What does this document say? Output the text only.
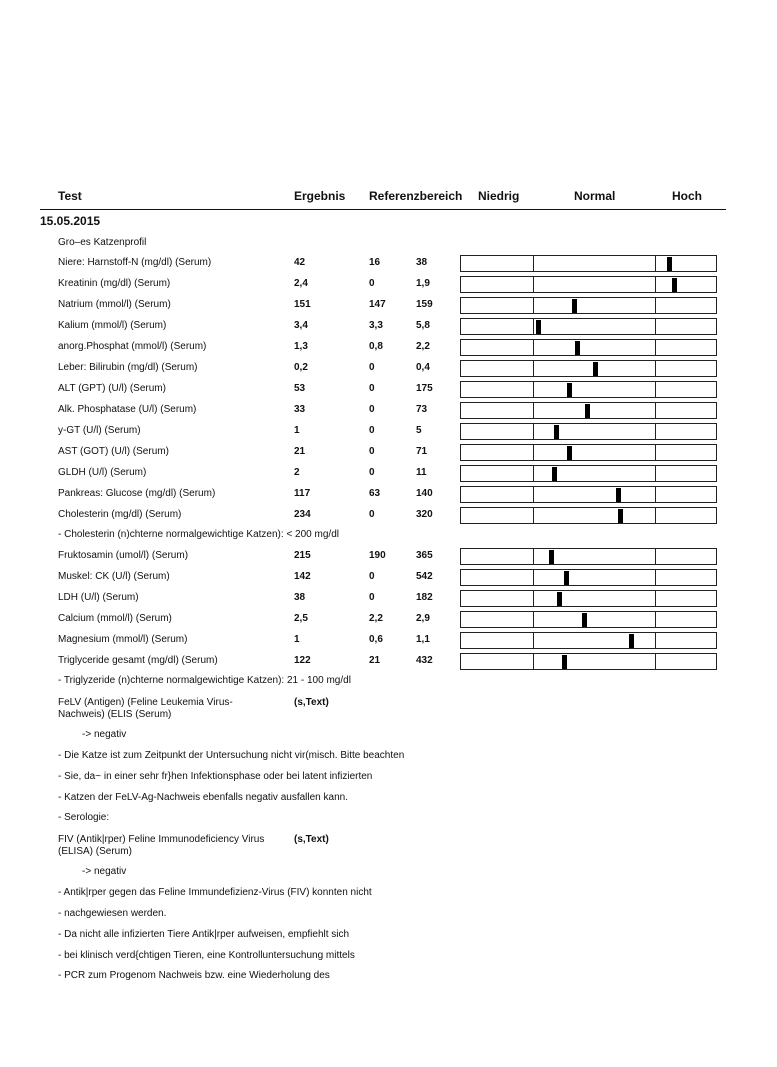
Test	Ergebnis Referenzbereich Niedrig	Normal	Hoch
15.05.2015
Gro–es Katzenprofil
Niere: Harnstoff-N (mg/dl) (Serum)	42	16	38
Kreatinin (mg/dl) (Serum)	2,4	0	1,9
Natrium (mmol/l) (Serum)	151	147	159
Kalium (mmol/l) (Serum)	3,4	3,3	5,8
anorg.Phosphat (mmol/l) (Serum)	1,3	0,8	2,2
Leber: Bilirubin (mg/dl) (Serum)	0,2	0	0,4
ALT (GPT) (U/l) (Serum)	53	0	175
Alk. Phosphatase (U/l) (Serum)	33	0	73
y-GT (U/l) (Serum)	1	0	5
AST (GOT) (U/l) (Serum)	21	0	71
GLDH (U/l) (Serum)	2	0	11
Pankreas: Glucose (mg/dl) (Serum)	117	63	140
Cholesterin (mg/dl) (Serum)	234	0	320
Fruktosamin (umol/l) (Serum)	215	190	365
Muskel: CK (U/l) (Serum)	142	0	542
LDH (U/l) (Serum)	38	0	182
Calcium (mmol/l) (Serum)	2,5	2,2	2,9
Magnesium (mmol/l) (Serum)	1	0,6	1,1
Triglyceride gesamt (mg/dl) (Serum)	122	21	432
- Cholesterin (n)chterne normalgewichtige Katzen): < 200 mg/dl
- Triglyzeride (n)chterne normalgewichtige Katzen): 21 - 100 mg/dl
FeLV (Antigen) (Feline Leukemia Virus-
Nachweis) (ELIS (Serum)
(s,Text)
-> negativ
- Die Katze ist zum Zeitpunkt der Untersuchung nicht vir(misch. Bitte beachten
- Sie, da~ in einer sehr fr}hen Infektionsphase oder bei latent infizierten
- Katzen der FeLV-Ag-Nachweis ebenfalls negativ ausfallen kann.
- Serologie:
FIV (Antik|rper) Feline Immunodeficiency Virus
(ELISA) (Serum)
(s,Text)
-> negativ
- Antik|rper gegen das Feline Immundefizienz-Virus (FIV) konnten nicht
- nachgewiesen werden.
- Da nicht alle infizierten Tiere Antik|rper aufweisen, empfiehlt sich
- bei klinisch verd{chtigen Tieren, eine Kontrolluntersuchung mittels
- PCR zum Progenom Nachweis bzw. eine Wiederholung des
